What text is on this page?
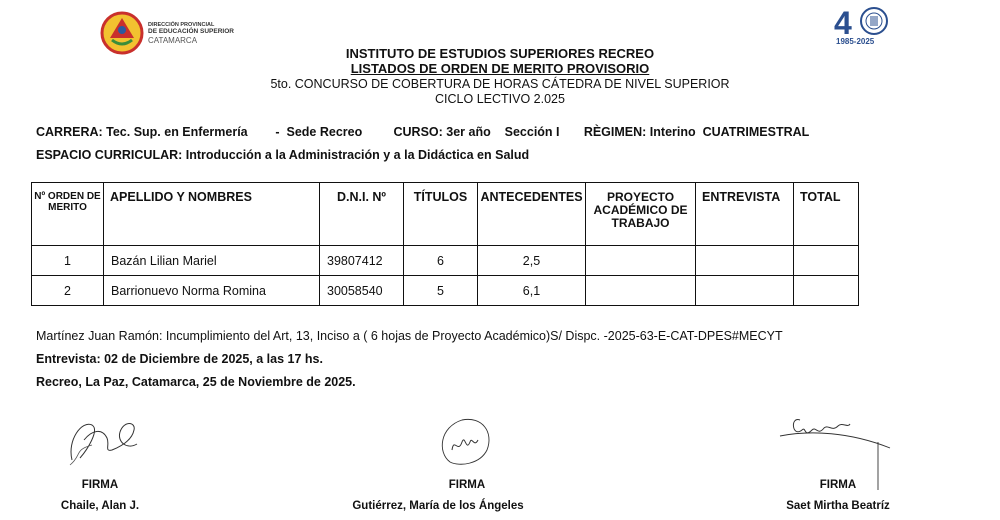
DIRECCIÓN PROVINCIAL
DE EDUCACIÓN SUPERIOR
CATAMARCA	4
1985-2025
INSTITUTO DE ESTUDIOS SUPERIORES RECREO
LISTADOS DE ORDEN DE MERITO PROVISORIO
5to. CONCURSO DE COBERTURA DE HORAS CÁTEDRA DE NIVEL SUPERIOR
CICLO LECTIVO 2.025
CARRERA: Tec. Sup. en Enfermería        -  Sede Recreo         CURSO: 3er año    Sección I       RÈGIMEN: Interino  CUATRIMESTRAL
ESPACIO CURRICULAR: Introducción a la Administración y a la Didáctica en Salud
Nº ORDEN DE MERITO	APELLIDO Y NOMBRES	D.N.I. Nº	TÍTULOS	ANTECEDENTES	PROYECTO ACADÉMICO DE TRABAJO	ENTREVISTA	TOTAL
1	Bazán Lilian Mariel	39807412	6	2,5			
2	Barrionuevo Norma Romina	30058540	5	6,1			
Martínez Juan Ramón: Incumplimiento del Art, 13, Inciso a ( 6 hojas de Proyecto Académico)S/ Dispc. -2025-63-E-CAT-DPES#MECYT
Entrevista: 02 de Diciembre de 2025, a las 17 hs.
Recreo, La Paz, Catamarca, 25 de Noviembre de 2025.
FIRMA
Chaile, Alan J.
FIRMA
Gutiérrez, María de los Ángeles
FIRMA
Saet Mirtha Beatríz
